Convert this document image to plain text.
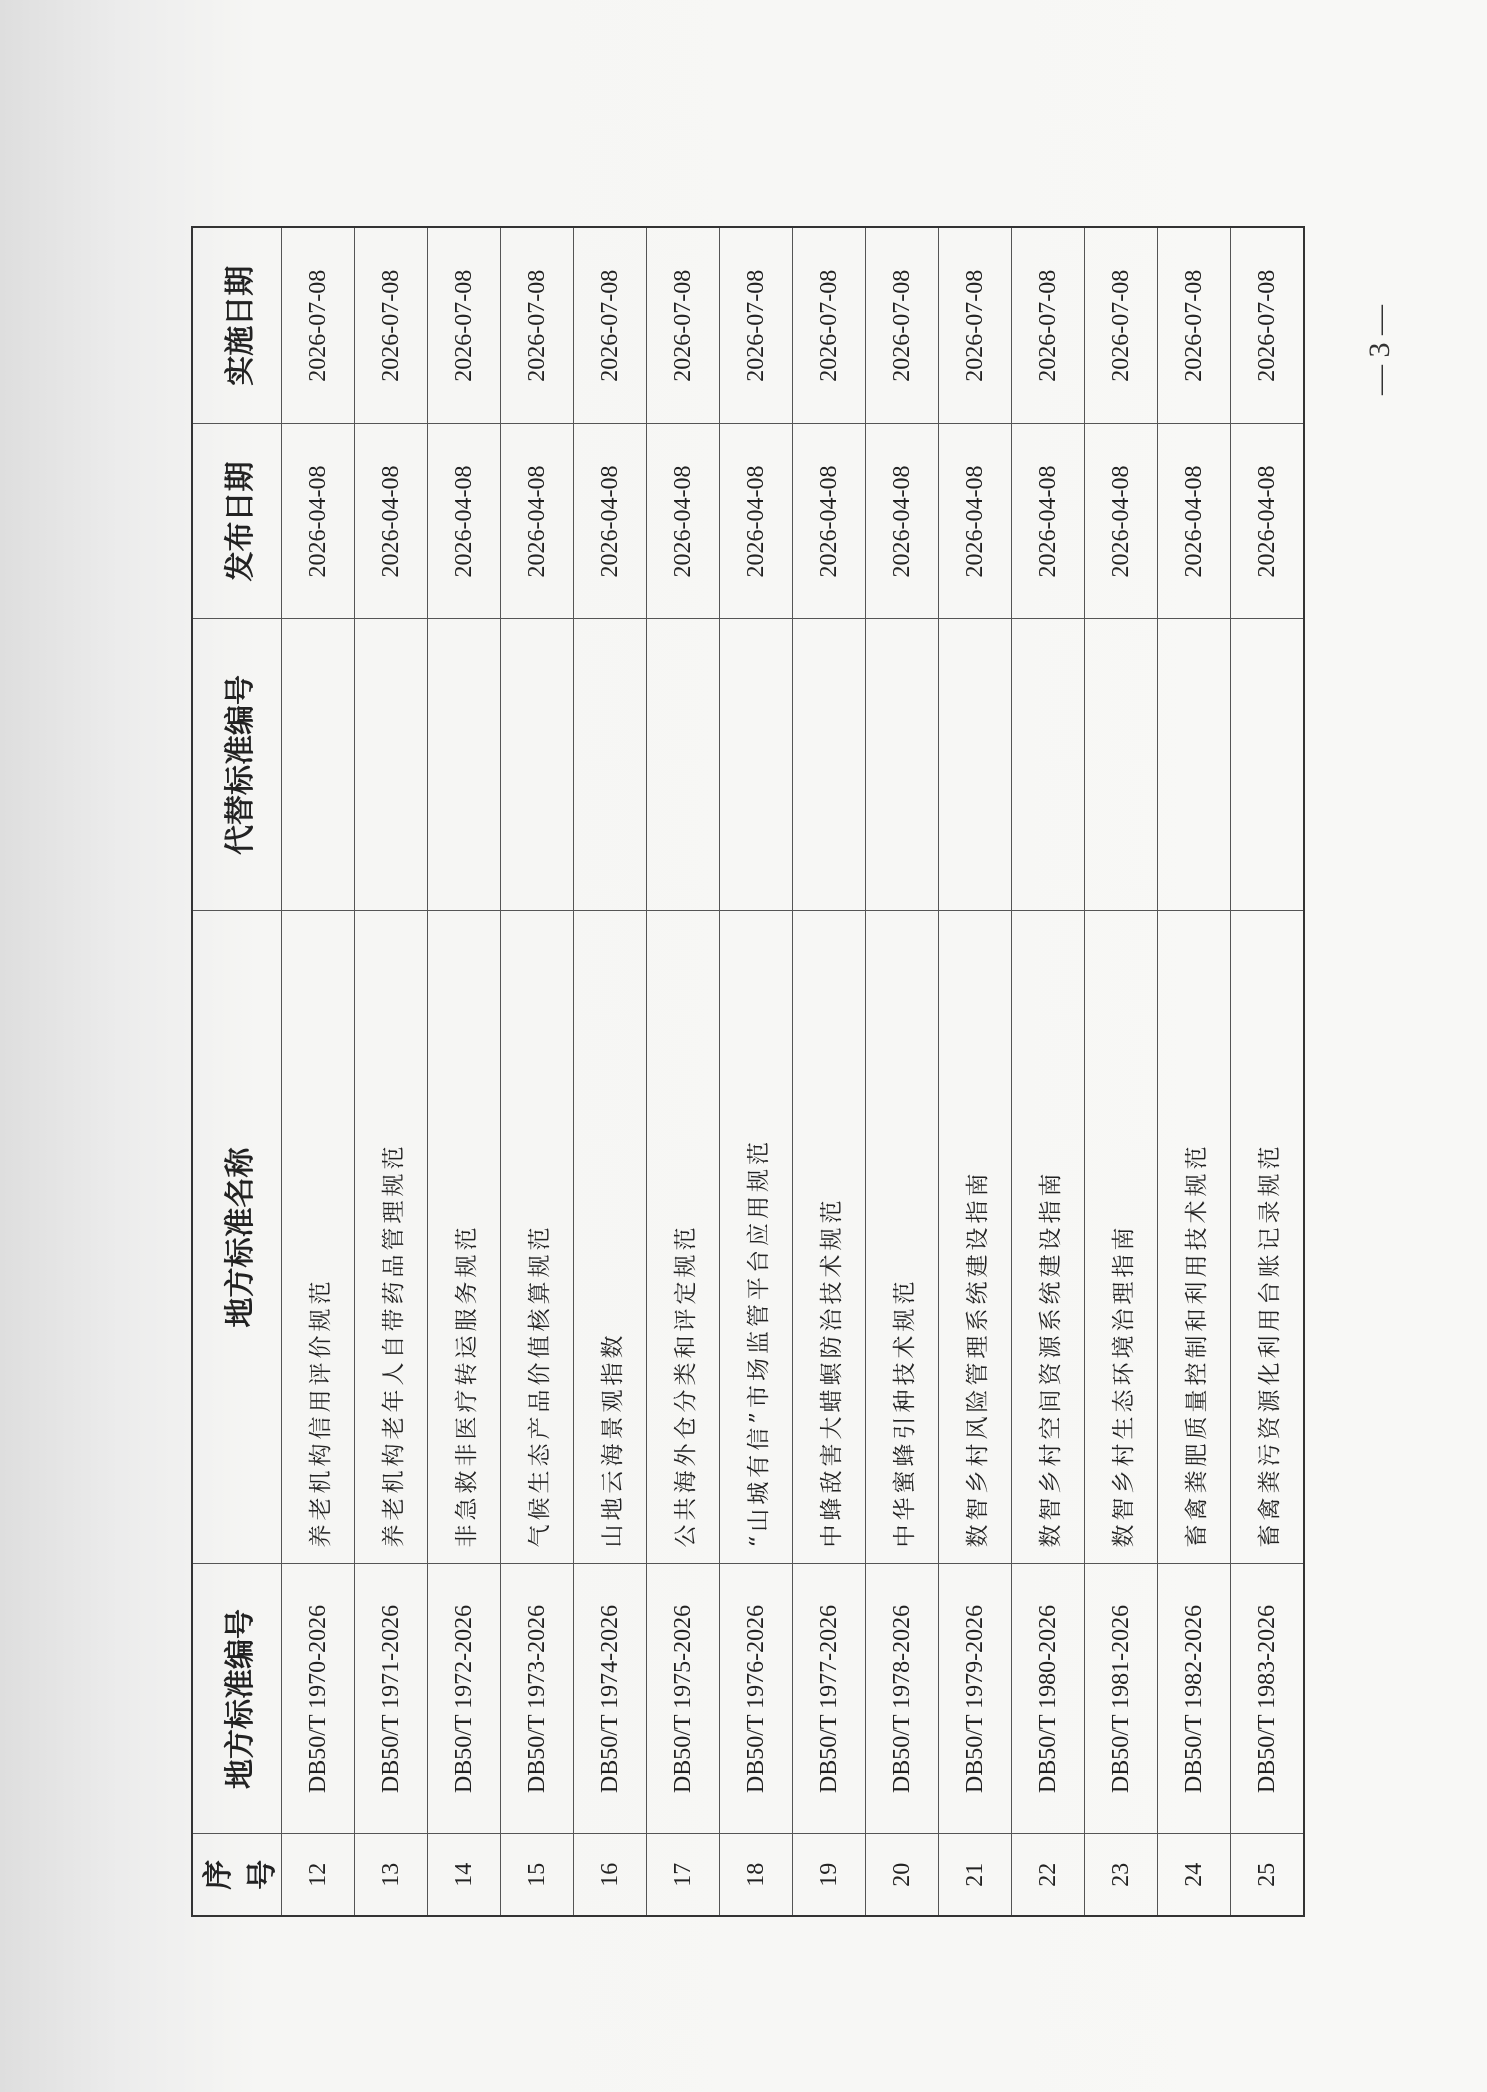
序号	地方标准编号	地方标准名称	代替标准编号	发布日期	实施日期
12	DB50/T 1970-2026	养老机构信用评价规范		2026-04-08	2026-07-08
13	DB50/T 1971-2026	养老机构老年人自带药品管理规范		2026-04-08	2026-07-08
14	DB50/T 1972-2026	非急救非医疗转运服务规范		2026-04-08	2026-07-08
15	DB50/T 1973-2026	气候生态产品价值核算规范		2026-04-08	2026-07-08
16	DB50/T 1974-2026	山地云海景观指数		2026-04-08	2026-07-08
17	DB50/T 1975-2026	公共海外仓分类和评定规范		2026-04-08	2026-07-08
18	DB50/T 1976-2026	“山城有信”市场监管平台应用规范		2026-04-08	2026-07-08
19	DB50/T 1977-2026	中蜂敌害大蜡螟防治技术规范		2026-04-08	2026-07-08
20	DB50/T 1978-2026	中华蜜蜂引种技术规范		2026-04-08	2026-07-08
21	DB50/T 1979-2026	数智乡村风险管理系统建设指南		2026-04-08	2026-07-08
22	DB50/T 1980-2026	数智乡村空间资源系统建设指南		2026-04-08	2026-07-08
23	DB50/T 1981-2026	数智乡村生态环境治理指南		2026-04-08	2026-07-08
24	DB50/T 1982-2026	畜禽粪肥质量控制和利用技术规范		2026-04-08	2026-07-08
25	DB50/T 1983-2026	畜禽粪污资源化利用台账记录规范		2026-04-08	2026-07-08	— 3 —
